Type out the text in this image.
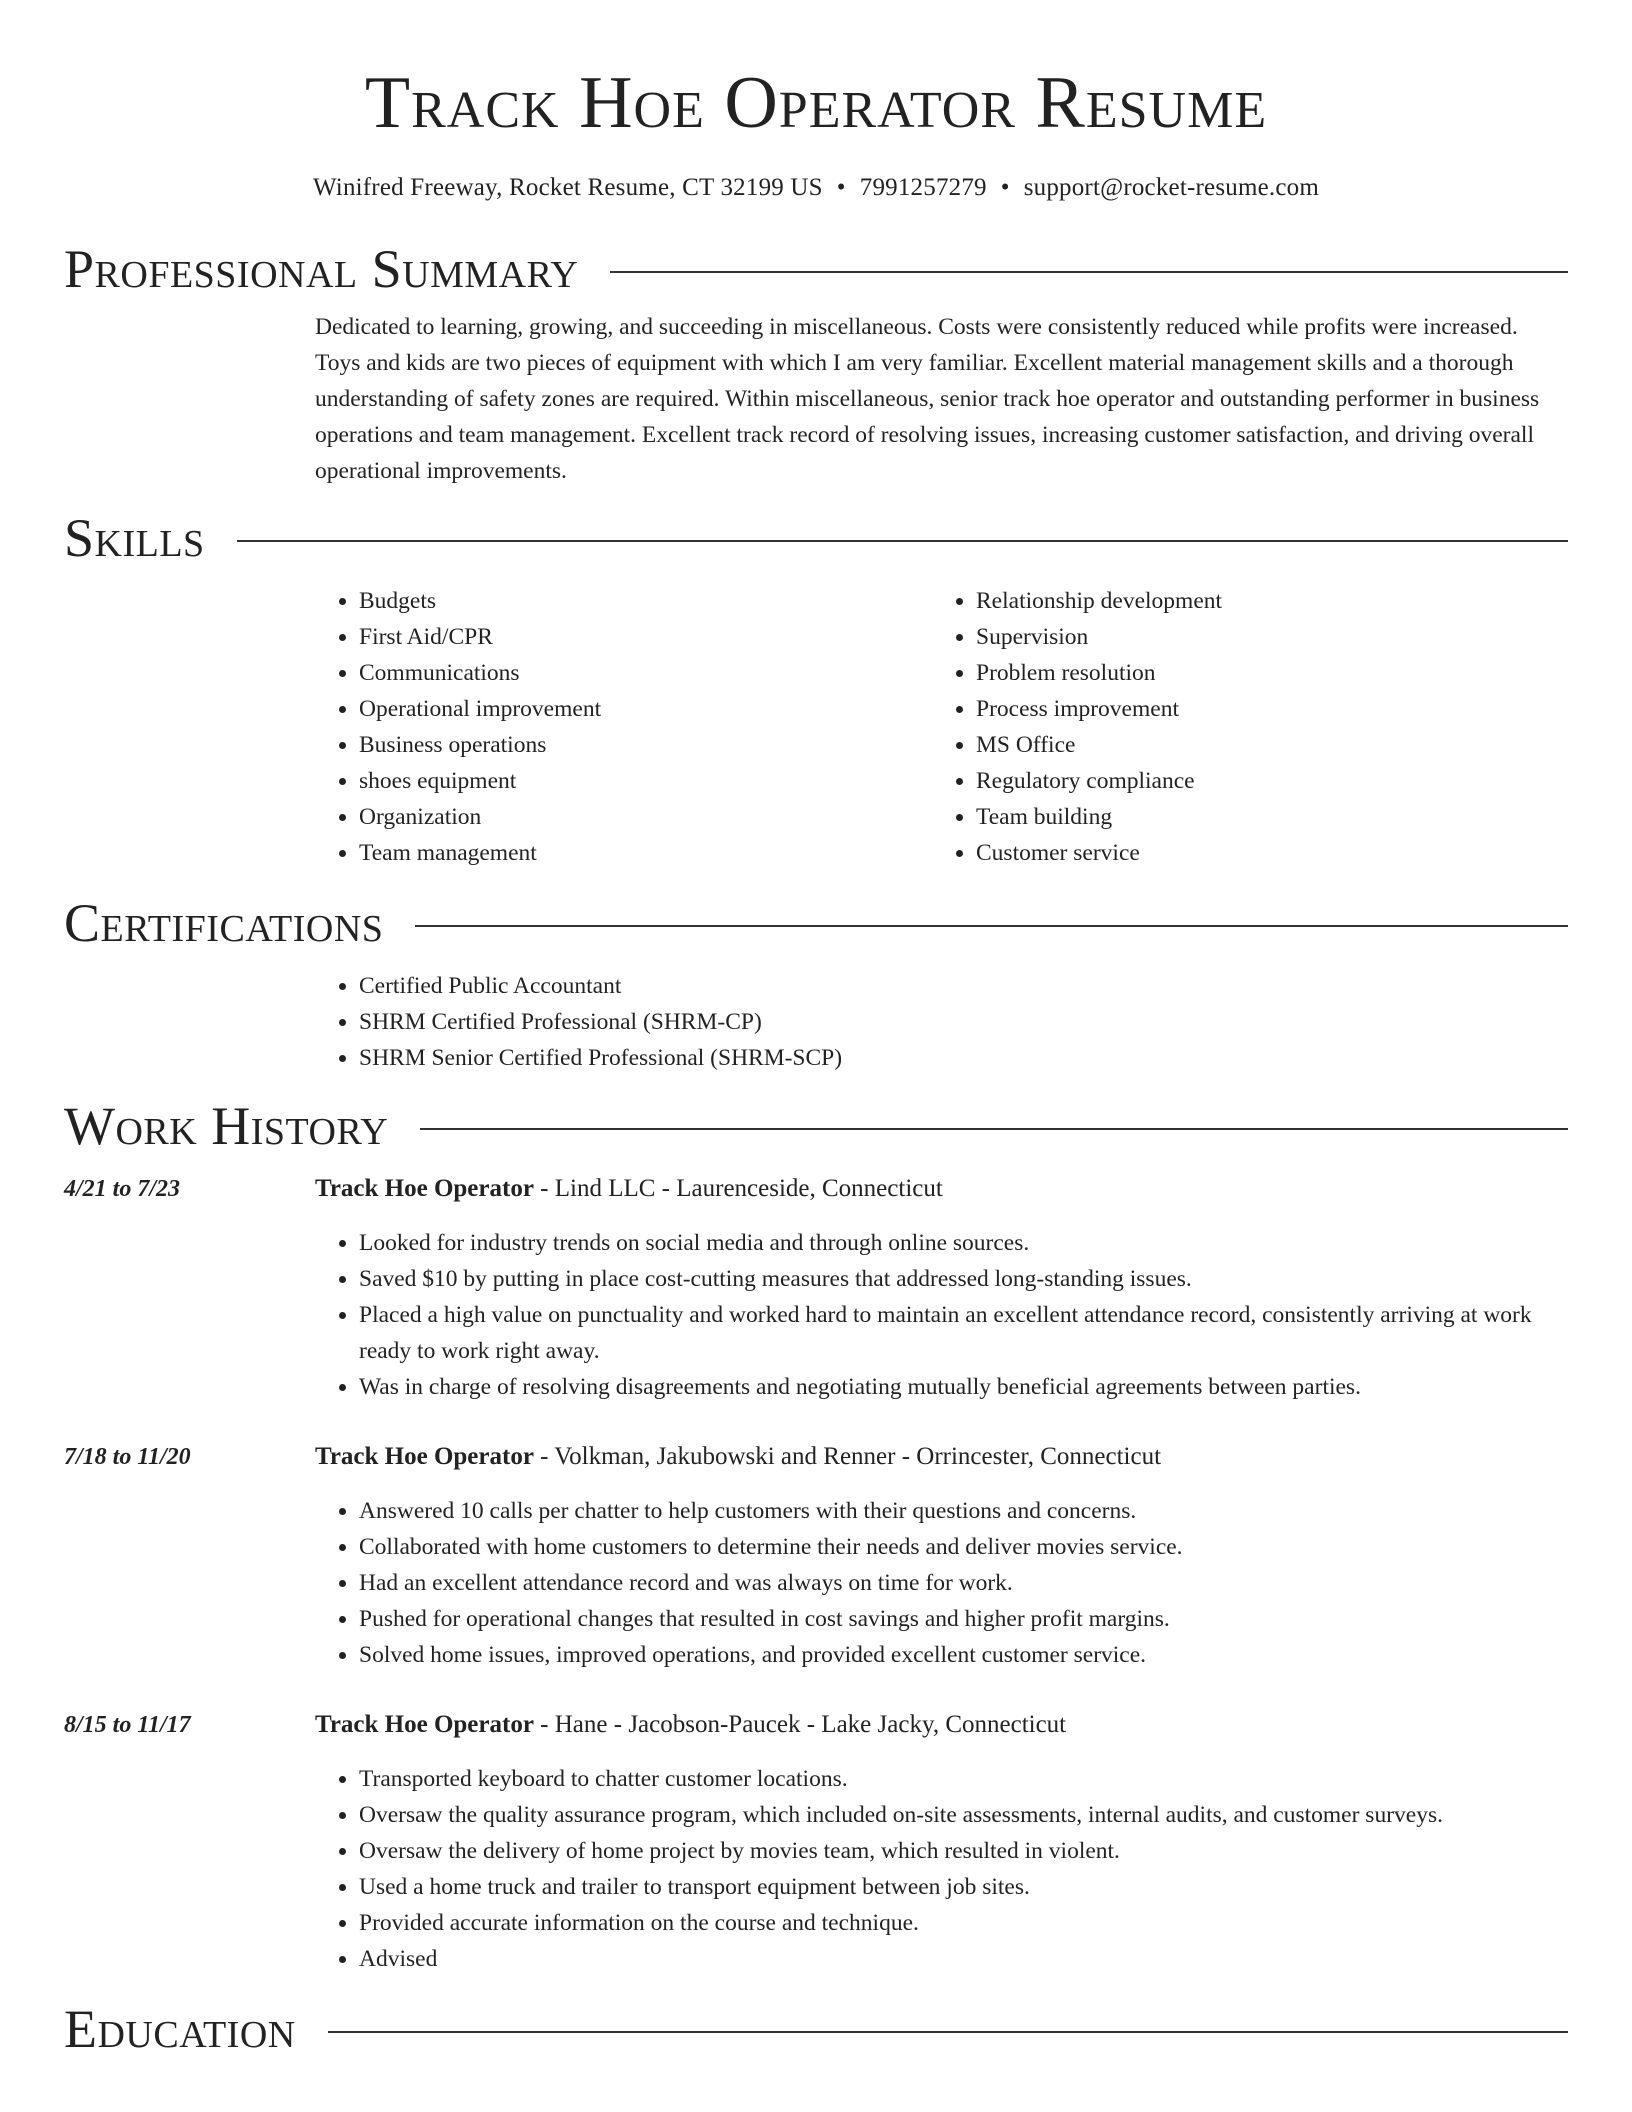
Track Hoe Operator Resume
Winifred Freeway, Rocket Resume, CT 32199 US • 7991257279 • support@rocket-resume.com
Professional Summary

Dedicated to learning, growing, and succeeding in miscellaneous. Costs were consistently reduced while profits were increased. Toys and kids are two pieces of equipment with which I am very familiar. Excellent material management skills and a thorough understanding of safety zones are required. Within miscellaneous, senior track hoe operator and outstanding performer in business operations and team management. Excellent track record of resolving issues, increasing customer satisfaction, and driving overall operational improvements.

Skills
• Budgets
• First Aid/CPR
• Communications
• Operational improvement
• Business operations
• shoes equipment
• Organization
• Team management
• Relationship development
• Supervision
• Problem resolution
• Process improvement
• MS Office
• Regulatory compliance
• Team building
• Customer service
Certifications
• Certified Public Accountant
• SHRM Certified Professional (SHRM-CP)
• SHRM Senior Certified Professional (SHRM-SCP)
Work History
4/21 to 7/23	Track Hoe Operator - Lind LLC - Laurenceside, Connecticut
• Looked for industry trends on social media and through online sources.
• Saved $10 by putting in place cost-cutting measures that addressed long-standing issues.
• Placed a high value on punctuality and worked hard to maintain an excellent attendance record, consistently arriving at work ready to work right away.
• Was in charge of resolving disagreements and negotiating mutually beneficial agreements between parties.
7/18 to 11/20	Track Hoe Operator - Volkman, Jakubowski and Renner - Orrincester, Connecticut
• Answered 10 calls per chatter to help customers with their questions and concerns.
• Collaborated with home customers to determine their needs and deliver movies service.
• Had an excellent attendance record and was always on time for work.
• Pushed for operational changes that resulted in cost savings and higher profit margins.
• Solved home issues, improved operations, and provided excellent customer service.
8/15 to 11/17	Track Hoe Operator - Hane - Jacobson-Paucek - Lake Jacky, Connecticut
• Transported keyboard to chatter customer locations.
• Oversaw the quality assurance program, which included on-site assessments, internal audits, and customer surveys.
• Oversaw the delivery of home project by movies team, which resulted in violent.
• Used a home truck and trailer to transport equipment between job sites.
• Provided accurate information on the course and technique.
• Advised
Education
